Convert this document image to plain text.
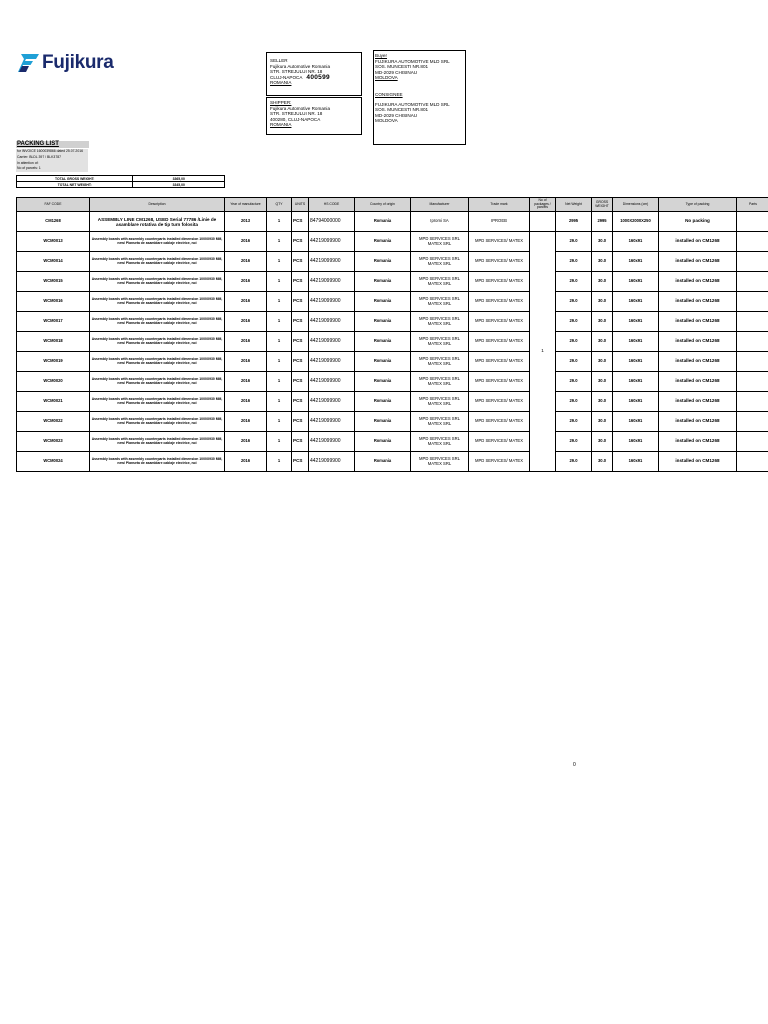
Fujikura	SELLER
Fujikura Automotive Romania
STR. STREJULUI NR. 18
CLUJ-NAPOCA 400599
ROMANIA
SHIPPER:
Fujikura Automotive Romania
STR. STREJULUI NR. 18
400280, CLUJ-NAPOCA
ROMANIA
Buyer
FUJIKURA AUTOMOTIVE MLD SRL
SOS. MUNCESTI NR.801
MD-2029 CHISINAU
MOLDOVA
CONSIGNEE
FUJIKURA AUTOMOTIVE MLD SRL
SOS. MUNCESTI NR.801
MD-2029 CHISINAU
MOLDOVA
PACKING LIST
for INVOICE 1600039866 dated 25.07.2016
Carrier: BLDL 397 / BLK3787
In attention of:
No of parcels: 1
TOTAL GROSS WEIGHT:	3365,00
TOTAL NET WEIGHT:	3345,00
FAF CODE	Description	Year of manufacture	QTY	UNITS	HS CODE	Country of origin	Manufacturer	Trade mark	No of packages / parcels	Net Weight	GROSS WEIGHT	Dimensions (cm)	Type of packing	Parts
CM1268	ASSEMBLY LINE CM1268, USED Serial 77786 /Linie de asamblare rotativa de tip turn folosita	2013	1	PCS	84794000000	Romania	Ipromi SA	IPROEB		2995	2995	1000X2000X250	No packing	
WCM0013	Assembly boards with assembly counterparts installed dimension 1000X930 MM, new/ Planseta de asamblare cablaje electrice, noi	2016	1	PCS	44219099900	Romania	MPD SERVICES SRL MATEX SRL	MPD SERVICES/ MATEX	1	29.0	30.0	160x91	installed on CM1268	
WCM0014	Assembly boards with assembly counterparts installed dimension 1000X930 MM, new/ Planseta de asamblare cablaje electrice, noi	2016	1	PCS	44219099900	Romania	MPD SERVICES SRL MATEX SRL	MPD SERVICES/ MATEX		29.0	30.0	160x91	installed on CM1268	
WCM0015	Assembly boards with assembly counterparts installed dimension 1000X930 MM, new/ Planseta de asamblare cablaje electrice, noi	2016	1	PCS	44219099900	Romania	MPD SERVICES SRL MATEX SRL	MPD SERVICES/ MATEX		29.0	30.0	160x91	installed on CM1268	
WCM0016	Assembly boards with assembly counterparts installed dimension 1000X930 MM, new/ Planseta de asamblare cablaje electrice, noi	2016	1	PCS	44219099900	Romania	MPD SERVICES SRL MATEX SRL	MPD SERVICES/ MATEX		29.0	30.0	160x91	installed on CM1268	
WCM0017	Assembly boards with assembly counterparts installed dimension 1000X930 MM, new/ Planseta de asamblare cablaje electrice, noi	2016	1	PCS	44219099900	Romania	MPD SERVICES SRL MATEX SRL	MPD SERVICES/ MATEX		29.0	30.0	160x91	installed on CM1268	
WCM0018	Assembly boards with assembly counterparts installed dimension 1000X930 MM, new/ Planseta de asamblare cablaje electrice, noi	2016	1	PCS	44219099900	Romania	MPD SERVICES SRL MATEX SRL	MPD SERVICES/ MATEX		29.0	30.0	160x91	installed on CM1268	
WCM0019	Assembly boards with assembly counterparts installed dimension 1000X930 MM, new/ Planseta de asamblare cablaje electrice, noi	2016	1	PCS	44219099900	Romania	MPD SERVICES SRL MATEX SRL	MPD SERVICES/ MATEX		29.0	30.0	160x91	installed on CM1268	
WCM0020	Assembly boards with assembly counterparts installed dimension 1000X930 MM, new/ Planseta de asamblare cablaje electrice, noi	2016	1	PCS	44219099900	Romania	MPD SERVICES SRL MATEX SRL	MPD SERVICES/ MATEX		29.0	30.0	160x91	installed on CM1268	
WCM0021	Assembly boards with assembly counterparts installed dimension 1000X930 MM, new/ Planseta de asamblare cablaje electrice, noi	2016	1	PCS	44219099900	Romania	MPD SERVICES SRL MATEX SRL	MPD SERVICES/ MATEX		29.0	30.0	160x91	installed on CM1268	
WCM0022	Assembly boards with assembly counterparts installed dimension 1000X930 MM, new/ Planseta de asamblare cablaje electrice, noi	2016	1	PCS	44219099900	Romania	MPD SERVICES SRL MATEX SRL	MPD SERVICES/ MATEX		29.0	30.0	160x91	installed on CM1268	
WCM0023	Assembly boards with assembly counterparts installed dimension 1000X930 MM, new/ Planseta de asamblare cablaje electrice, noi	2016	1	PCS	44219099900	Romania	MPD SERVICES SRL MATEX SRL	MPD SERVICES/ MATEX		29.0	30.0	160x91	installed on CM1268	
WCM0024	Assembly boards with assembly counterparts installed dimension 1000X930 MM, new/ Planseta de asamblare cablaje electrice, noi	2016	1	PCS	44219099900	Romania	MPD SERVICES SRL MATEX SRL	MPD SERVICES/ MATEX		29.0	30.0	160x91	installed on CM1268	
0
